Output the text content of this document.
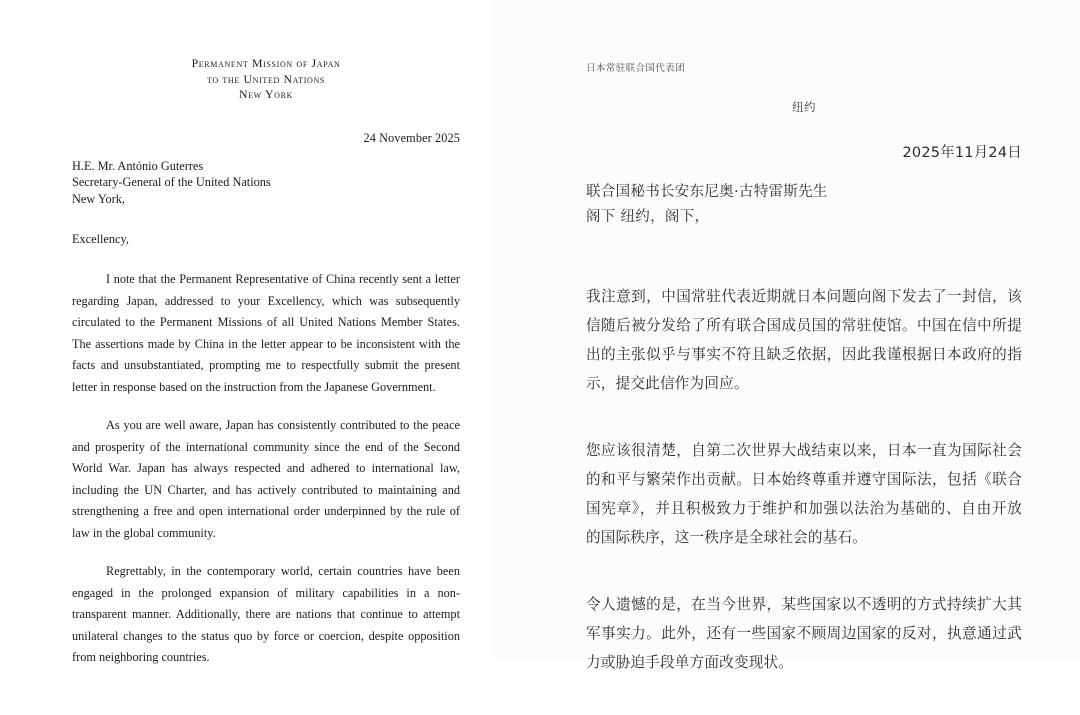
Permanent Mission of Japan
to the United Nations
New York
24 November 2025
H.E. Mr. António Guterres
Secretary-General of the United Nations
New York,
Excellency,

I note that the Permanent Representative of China recently sent a letter regarding Japan, addressed to your Excellency, which was subsequently circulated to the Permanent Missions of all United Nations Member States. The assertions made by China in the letter appear to be inconsistent with the facts and unsubstantiated, prompting me to respectfully submit the present letter in response based on the instruction from the Japanese Government.

As you are well aware, Japan has consistently contributed to the peace and prosperity of the international community since the end of the Second World War. Japan has always respected and adhered to international law, including the UN Charter, and has actively contributed to maintaining and strengthening a free and open international order underpinned by the rule of law in the global community.

Regrettably, in the contemporary world, certain countries have been engaged in the prolonged expansion of military capabilities in a non-transparent manner. Additionally, there are nations that continue to attempt unilateral changes to the status quo by force or coercion, despite opposition from neighboring countries.

日本常驻联合国代表团
纽约
2025年11月24日
联合国秘书长安东尼奥·古特雷斯先生
阁下 纽约，阁下，

我注意到，中国常驻代表近期就日本问题向阁下发去了一封信，该信随后被分发给了所有联合国成员国的常驻使馆。中国在信中所提出的主张似乎与事实不符且缺乏依据，因此我谨根据日本政府的指示，提交此信作为回应。

您应该很清楚，自第二次世界大战结束以来，日本一直为国际社会的和平与繁荣作出贡献。日本始终尊重并遵守国际法，包括《联合国宪章》，并且积极致力于维护和加强以法治为基础的、自由开放的国际秩序，这一秩序是全球社会的基石。

令人遗憾的是，在当今世界，某些国家以不透明的方式持续扩大其军事实力。此外，还有一些国家不顾周边国家的反对，执意通过武力或胁迫手段单方面改变现状。
